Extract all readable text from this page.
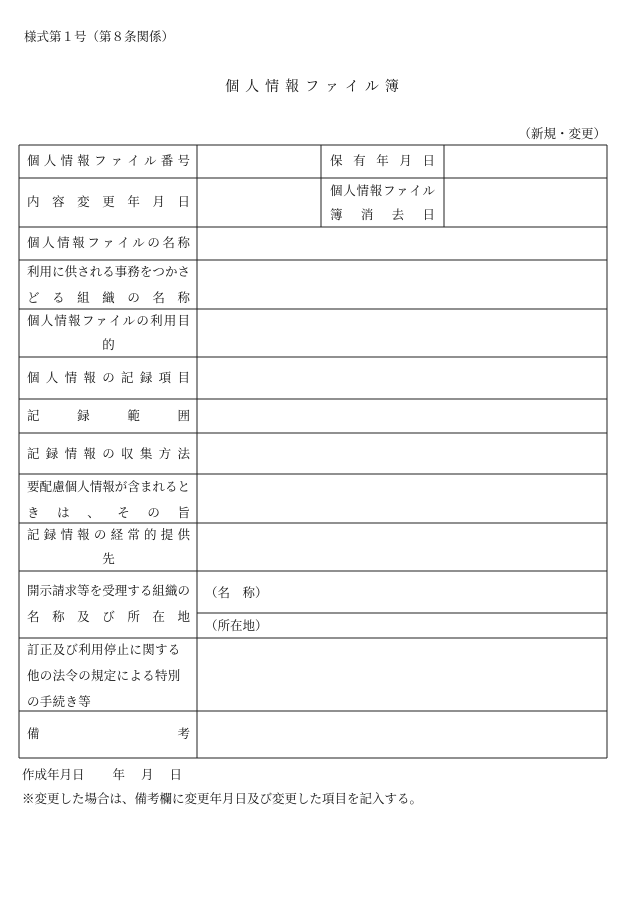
様式第１号（第８条関係）
個人情報ファイル簿
（新規・変更）
個人情報ファイル番号	保有年月日
内容変更年月日
個人情報ファイル
簿消去日
個人情報ファイルの名称
利用に供される事務をつかさどる組織の名称
個人情報ファイルの利用目
的
個人情報の記録項目
記録範囲
記録情報の収集方法
要配慮個人情報が含まれるときは、その旨
記録情報の経常的提供
先
開示請求等を受理する組織の名称及び所在地
（名　称）
（所在地）
訂正及び利用停止に関する他の法令の規定による特別の手続き等
備考
作成年月日 年 月 日
※変更した場合は、備考欄に変更年月日及び変更した項目を記入する。
